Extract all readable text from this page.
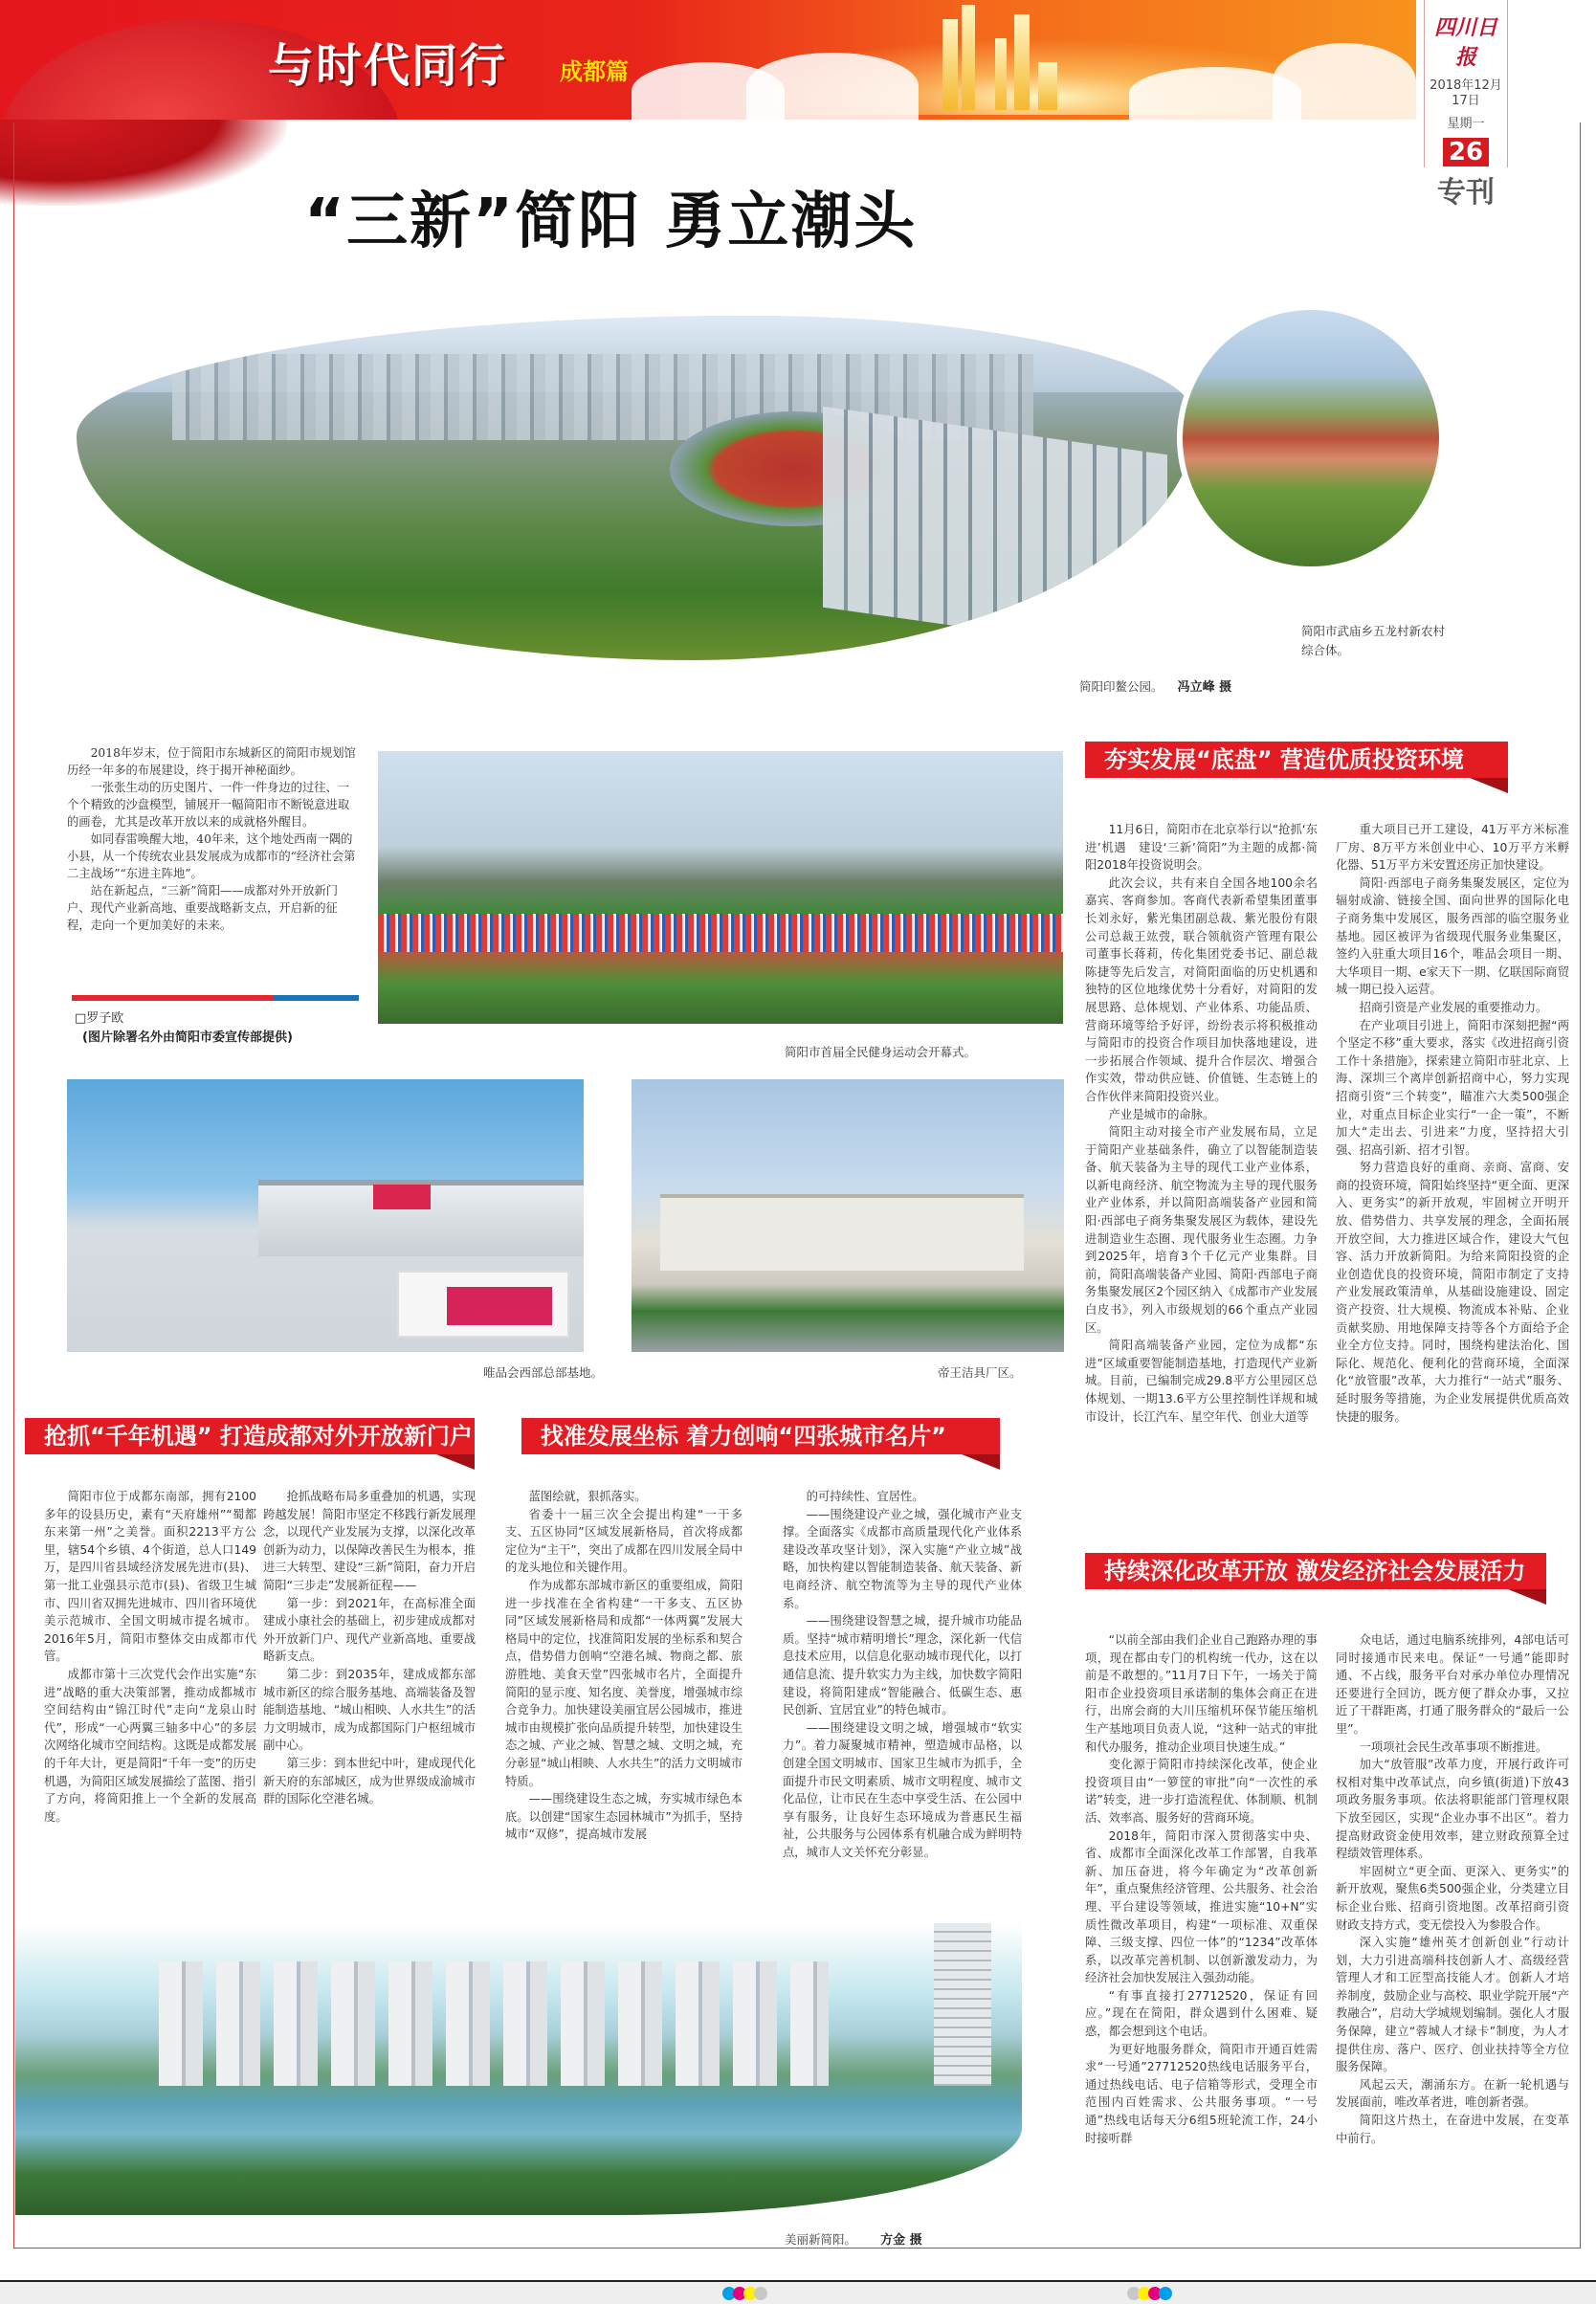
与时代同行 成都篇
四川日报
2018年12月17日
星期一
26
专刊
“三新”简阳 勇立潮头
简阳市武庙乡五龙村新农村综合体。
简阳印鳌公园。 冯立峰 摄

2018年岁末，位于简阳市东城新区的简阳市规划馆历经一年多的布展建设，终于揭开神秘面纱。

一张张生动的历史图片、一件一件身边的过往、一个个精致的沙盘模型，铺展开一幅简阳市不断锐意进取的画卷，尤其是改革开放以来的成就格外醒目。

如同春雷唤醒大地，40年来，这个地处西南一隅的小县，从一个传统农业县发展成为成都市的“经济社会第二主战场”“东进主阵地”。

站在新起点，“三新”简阳——成都对外开放新门户、现代产业新高地、重要战略新支点，开启新的征程，走向一个更加美好的未来。

□罗子欧
(图片除署名外由简阳市委宣传部提供)
简阳市首届全民健身运动会开幕式。
唯品会西部总部基地。	帝王洁具厂区。
夯实发展“底盘” 营造优质投资环境

11月6日，简阳市在北京举行以“抢抓‘东进’机遇　建设‘三新’简阳”为主题的成都·简阳2018年投资说明会。

此次会议，共有来自全国各地100余名嘉宾、客商参加。客商代表新希望集团董事长刘永好，紫光集团副总裁、紫光股份有限公司总裁王竑弢，联合领航资产管理有限公司董事长蒋莉，传化集团党委书记、副总裁陈捷等先后发言，对简阳面临的历史机遇和独特的区位地缘优势十分看好，对简阳的发展思路、总体规划、产业体系、功能品质、营商环境等给予好评，纷纷表示将积极推动与简阳市的投资合作项目加快落地建设，进一步拓展合作领域、提升合作层次、增强合作实效，带动供应链、价值链、生态链上的合作伙伴来简阳投资兴业。

产业是城市的命脉。

简阳主动对接全市产业发展布局，立足于简阳产业基础条件，确立了以智能制造装备、航天装备为主导的现代工业产业体系，以新电商经济、航空物流为主导的现代服务业产业体系，并以简阳高端装备产业园和简阳·西部电子商务集聚发展区为载体，建设先进制造业生态圈、现代服务业生态圈。力争到2025年，培育3个千亿元产业集群。目前，简阳高端装备产业园、简阳·西部电子商务集聚发展区2个园区纳入《成都市产业发展白皮书》，列入市级规划的66个重点产业园区。

简阳高端装备产业园，定位为成都“东进”区域重要智能制造基地，打造现代产业新城。目前，已编制完成29.8平方公里园区总体规划、一期13.6平方公里控制性详规和城市设计，长江汽车、星空年代、创业大道等

重大项目已开工建设，41万平方米标准厂房、8万平方米创业中心、10万平方米孵化器、51万平方米安置还房正加快建设。

简阳·西部电子商务集聚发展区，定位为辐射成渝、链接全国、面向世界的国际化电子商务集中发展区，服务西部的临空服务业基地。园区被评为省级现代服务业集聚区，签约入驻重大项目16个，唯品会项目一期、大华项目一期、e家天下一期、亿联国际商贸城一期已投入运营。

招商引资是产业发展的重要推动力。

在产业项目引进上，简阳市深刻把握“两个坚定不移”重大要求，落实《改进招商引资工作十条措施》，探索建立简阳市驻北京、上海、深圳三个离岸创新招商中心，努力实现招商引资“三个转变”，瞄准六大类500强企业，对重点目标企业实行“一企一策”，不断加大“走出去、引进来”力度，坚持招大引强、招高引新、招才引智。

努力营造良好的重商、亲商、富商、安商的投资环境，简阳始终坚持“更全面、更深入、更务实”的新开放观，牢固树立开明开放、借势借力、共享发展的理念，全面拓展开放空间，大力推进区域合作，建设大气包容、活力开放新简阳。为给来简阳投资的企业创造优良的投资环境，简阳市制定了支持产业发展政策清单，从基础设施建设、固定资产投资、壮大规模、物流成本补贴、企业贡献奖励、用地保障支持等各个方面给予企业全方位支持。同时，围绕构建法治化、国际化、规范化、便利化的营商环境，全面深化“放管服”改革，大力推行“一站式”服务、延时服务等措施，为企业发展提供优质高效快捷的服务。

抢抓“千年机遇” 打造成都对外开放新门户

简阳市位于成都东南部，拥有2100多年的设县历史，素有“天府雄州”“蜀都东来第一州”之美誉。面积2213平方公里，辖54个乡镇、4个街道，总人口149万，是四川省县域经济发展先进市(县)、第一批工业强县示范市(县)、省级卫生城市、四川省双拥先进城市、四川省环境优美示范城市、全国文明城市提名城市。2016年5月，简阳市整体交由成都市代管。

成都市第十三次党代会作出实施“东进”战略的重大决策部署，推动成都城市空间结构由“锦江时代”走向“龙泉山时代”，形成“一心两翼三轴多中心”的多层次网络化城市空间结构。这既是成都发展的千年大计，更是简阳“千年一变”的历史机遇，为简阳区域发展描绘了蓝图、指引了方向，将简阳推上一个全新的发展高度。

抢抓战略布局多重叠加的机遇，实现跨越发展！简阳市坚定不移践行新发展理念，以现代产业发展为支撑，以深化改革创新为动力，以保障改善民生为根本，推进三大转型、建设“三新”简阳，奋力开启简阳“三步走”发展新征程——

第一步：到2021年，在高标准全面建成小康社会的基础上，初步建成成都对外开放新门户、现代产业新高地、重要战略新支点。

第二步：到2035年，建成成都东部城市新区的综合服务基地、高端装备及智能制造基地、“城山相映、人水共生”的活力文明城市，成为成都国际门户枢纽城市副中心。

第三步：到本世纪中叶，建成现代化新天府的东部城区，成为世界级成渝城市群的国际化空港名城。

找准发展坐标 着力创响“四张城市名片”

蓝图绘就，狠抓落实。

省委十一届三次全会提出构建“一干多支、五区协同”区域发展新格局，首次将成都定位为“主干”，突出了成都在四川发展全局中的龙头地位和关键作用。

作为成都东部城市新区的重要组成，简阳进一步找准在全省构建“一干多支、五区协同”区域发展新格局和成都“一体两翼”发展大格局中的定位，找准简阳发展的坐标系和契合点，借势借力创响“空港名城、物商之都、旅游胜地、美食天堂”四张城市名片，全面提升简阳的显示度、知名度、美誉度，增强城市综合竞争力。加快建设美丽宜居公园城市，推进城市由规模扩张向品质提升转型，加快建设生态之城、产业之城、智慧之城、文明之城，充分彰显“城山相映、人水共生”的活力文明城市特质。

——围绕建设生态之城，夯实城市绿色本底。以创建“国家生态园林城市”为抓手，坚持城市“双修”，提高城市发展

的可持续性、宜居性。

——围绕建设产业之城，强化城市产业支撑。全面落实《成都市高质量现代化产业体系建设改革攻坚计划》，深入实施“产业立城”战略，加快构建以智能制造装备、航天装备、新电商经济、航空物流等为主导的现代产业体系。

——围绕建设智慧之城，提升城市功能品质。坚持“城市精明增长”理念，深化新一代信息技术应用，以信息化驱动城市现代化，以打通信息流、提升软实力为主线，加快数字简阳建设，将简阳建成“智能融合、低碳生态、惠民创新、宜居宜业”的特色城市。

——围绕建设文明之城，增强城市“软实力”。着力凝聚城市精神，塑造城市品格，以创建全国文明城市、国家卫生城市为抓手，全面提升市民文明素质、城市文明程度、城市文化品位，让市民在生态中享受生活、在公园中享有服务，让良好生态环境成为普惠民生福祉，公共服务与公园体系有机融合成为鲜明特点，城市人文关怀充分彰显。

美丽新简阳。 方金 摄
持续深化改革开放 激发经济社会发展活力

“以前全部由我们企业自己跑路办理的事项，现在都由专门的机构统一代办，这在以前是不敢想的。”11月7日下午，一场关于简阳市企业投资项目承诺制的集体会商正在进行，出席会商的大川压缩机环保节能压缩机生产基地项目负责人说，“这种一站式的审批和代办服务，推动企业项目快速生成。”

变化源于简阳市持续深化改革，使企业投资项目由“一箩筐的审批”向“一次性的承诺”转变，进一步打造流程优、体制顺、机制活、效率高、服务好的营商环境。

2018年，简阳市深入贯彻落实中央、省、成都市全面深化改革工作部署，自我革新、加压奋进，将今年确定为“改革创新年”，重点聚焦经济管理、公共服务、社会治理、平台建设等领域，推进实施“10+N”实质性微改革项目，构建“一项标准、双重保障、三级支撑、四位一体”的“1234”改革体系，以改革完善机制、以创新激发动力，为经济社会加快发展注入强劲动能。

“有事直接打27712520，保证有回应。”现在在简阳，群众遇到什么困难、疑惑，都会想到这个电话。

为更好地服务群众，简阳市开通百姓需求“一号通”27712520热线电话服务平台，通过热线电话、电子信箱等形式，受理全市范围内百姓需求、公共服务事项。“一号通”热线电话每天分6组5班轮流工作，24小时接听群

众电话，通过电脑系统排列，4部电话可同时接通市民来电。保证“一号通”能即时通、不占线，服务平台对承办单位办理情况还要进行全回访，既方便了群众办事，又拉近了干群距离，打通了服务群众的“最后一公里”。

一项项社会民生改革事项不断推进。

加大“放管服”改革力度，开展行政许可权相对集中改革试点，向乡镇(街道)下放43项政务服务事项。依法将职能部门管理权限下放至园区，实现“企业办事不出区”。着力提高财政资金使用效率，建立财政预算全过程绩效管理体系。

牢固树立“更全面、更深入、更务实”的新开放观，聚焦6类500强企业，分类建立目标企业台账、招商引资地图。改革招商引资财政支持方式，变无偿投入为参股合作。

深入实施“雄州英才创新创业”行动计划，大力引进高端科技创新人才、高级经营管理人才和工匠型高技能人才。创新人才培养制度，鼓励企业与高校、职业学院开展“产教融合”，启动大学城规划编制。强化人才服务保障，建立“蓉城人才绿卡”制度，为人才提供住房、落户、医疗、创业扶持等全方位服务保障。

风起云天，潮涌东方。在新一轮机遇与发展面前，唯改革者进，唯创新者强。

简阳这片热土，在奋进中发展，在变革中前行。
